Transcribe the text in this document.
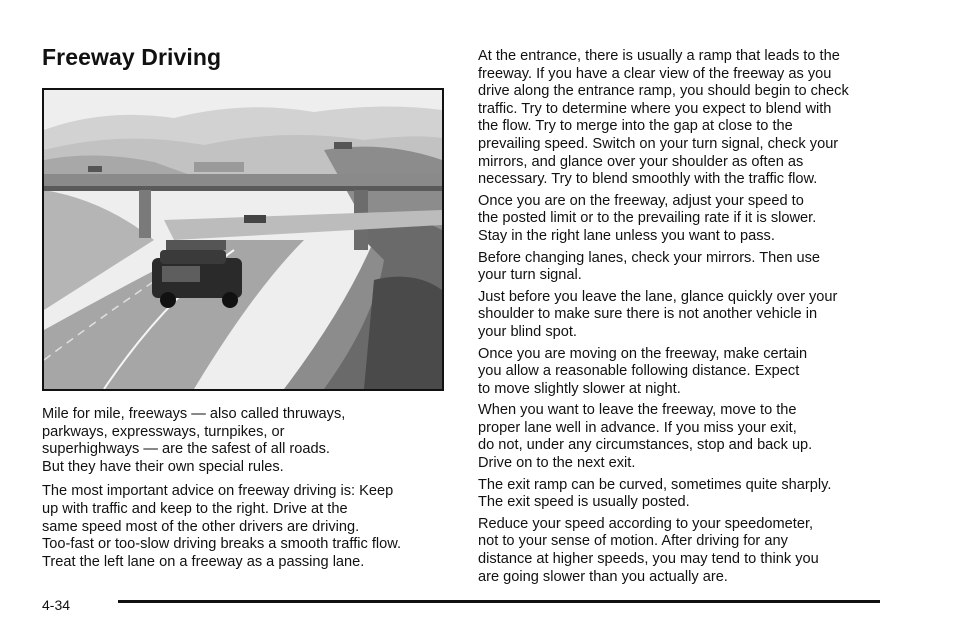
Freeway Driving

Mile for mile, freeways — also called thruways,
parkways, expressways, turnpikes, or
superhighways — are the safest of all roads.
But they have their own special rules.

The most important advice on freeway driving is: Keep
up with traffic and keep to the right. Drive at the
same speed most of the other drivers are driving.
Too-fast or too-slow driving breaks a smooth traffic flow.
Treat the left lane on a freeway as a passing lane.

At the entrance, there is usually a ramp that leads to the
freeway. If you have a clear view of the freeway as you
drive along the entrance ramp, you should begin to check
traffic. Try to determine where you expect to blend with
the flow. Try to merge into the gap at close to the
prevailing speed. Switch on your turn signal, check your
mirrors, and glance over your shoulder as often as
necessary. Try to blend smoothly with the traffic flow.

Once you are on the freeway, adjust your speed to
the posted limit or to the prevailing rate if it is slower.
Stay in the right lane unless you want to pass.

Before changing lanes, check your mirrors. Then use
your turn signal.

Just before you leave the lane, glance quickly over your
shoulder to make sure there is not another vehicle in
your blind spot.

Once you are moving on the freeway, make certain
you allow a reasonable following distance. Expect
to move slightly slower at night.

When you want to leave the freeway, move to the
proper lane well in advance. If you miss your exit,
do not, under any circumstances, stop and back up.
Drive on to the next exit.

The exit ramp can be curved, sometimes quite sharply.
The exit speed is usually posted.

Reduce your speed according to your speedometer,
not to your sense of motion. After driving for any
distance at higher speeds, you may tend to think you
are going slower than you actually are.

4-34
